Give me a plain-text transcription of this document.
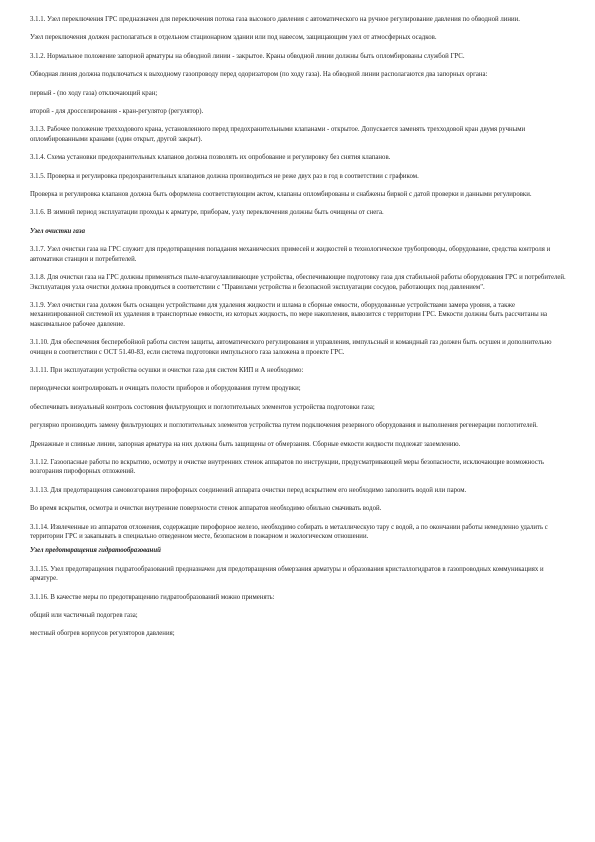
3.1.1. Узел переключения ГРС предназначен для переключения потока газа высокого давления с автоматического на ручное регулирование давления по обводной линии.

Узел переключения должен располагаться в отдельном стационарном здании или под навесом, защищающим узел от атмосферных осадков.

3.1.2. Нормальное положение запорной арматуры на обводной линии - закрытое. Краны обводной линии должны быть опломбированы службой ГРС.

Обводная линия должна подключаться к выходному газопроводу перед одоризатором (по ходу газа). На обводной линии располагаются два запорных органа:

первый - (по ходу газа) отключающий кран;

второй - для дросселирования - кран-регулятор (регулятор).

3.1.3. Рабочее положение трехходового крана, установленного перед предохранительными клапанами - открытое. Допускается заменять трехходовой кран двумя ручными опломбированными кранами (один открыт, другой закрыт).

3.1.4. Схема установки предохранительных клапанов должна позволять их опробование и регулировку без снятия клапанов.

3.1.5. Проверка и регулировка предохранительных клапанов должна производиться не реже двух раз в год в соответствии с графиком.

Проверка и регулировка клапанов должна быть оформлена соответствующим актом, клапаны опломбированы и снабжены биркой с датой проверки и данными регулировки.

3.1.6. В зимний период эксплуатации проходы к арматуре, приборам, узлу переключения должны быть очищены от снега.

Узел очистки газа

3.1.7. Узел очистки газа на ГРС служит для предотвращения попадания механических примесей и жидкостей в технологическое трубопроводы, оборудование, средства контроля и автоматики станции и потребителей.

3.1.8. Для очистки газа на ГРС должны применяться пыле-влагоулавливающие устройства, обеспечивающие подготовку газа для стабильной работы оборудования ГРС и потребителей. Эксплуатация узла очистки должна проводиться в соответствии с "Правилами устройства и безопасной эксплуатации сосудов, работающих под давлением".

3.1.9. Узел очистки газа должен быть оснащен устройствами для удаления жидкости и шлама в сборные емкости, оборудованные устройствами замера уровня, а также механизированной системой их удаления в транспортные емкости, из которых жидкость, по мере накопления, вывозится с территории ГРС. Емкости должны быть рассчитаны на максимальное рабочее давление.

3.1.10. Для обеспечения бесперебойной работы систем защиты, автоматического регулирования и управления, импульсный и командный газ должен быть осушен и дополнительно очищен в соответствии с ОСТ 51.40-83, если система подготовки импульсного газа заложена в проекте ГРС.

3.1.11. При эксплуатации устройства осушки и очистки газа для систем КИП и А необходимо:

периодически контролировать и очищать полости приборов и оборудования путем продувки;

обеспечивать визуальный контроль состояния фильтрующих и поглотительных элементов устройства подготовки газа;

регулярно производить замену фильтрующих и поглотительных элементов устройства путем подключения резервного оборудования и выполнения регенерации поглотителей.

Дренажные и сливные линии, запорная арматура на них должны быть защищены от обмерзания. Сборные емкости жидкости подлежат заземлению.

3.1.12. Газоопасные работы по вскрытию, осмотру и очистке внутренних стенок аппаратов по инструкции, предусматривающей меры безопасности, исключающие возможность возгорания пирофорных отложений.

3.1.13. Для предотвращения самовозгорания пирофорных соединений аппарата очистки перед вскрытием его необходимо заполнить водой или паром.

Во время вскрытия, осмотра и очистки внутренние поверхности стенок аппаратов необходимо обильно смачивать водой.

3.1.14. Извлеченные из аппаратов отложения, содержащие пирофорное железо, необходимо собирать в металлическую тару с водой, а по окончании работы немедленно удалить с территории ГРС и закапывать в специально отведенном месте, безопасном в пожарном и экологическом отношении.

Узел предотвращения гидратообразований

3.1.15. Узел предотвращения гидратообразований предназначен для предотвращения обмерзания арматуры и образования кристаллогидратов в газопроводных коммуникациях и арматуре.

3.1.16. В качестве меры по предотвращению гидратообразований можно применять:

общий или частичный подогрев газа;

местный обогрев корпусов регуляторов давления;
